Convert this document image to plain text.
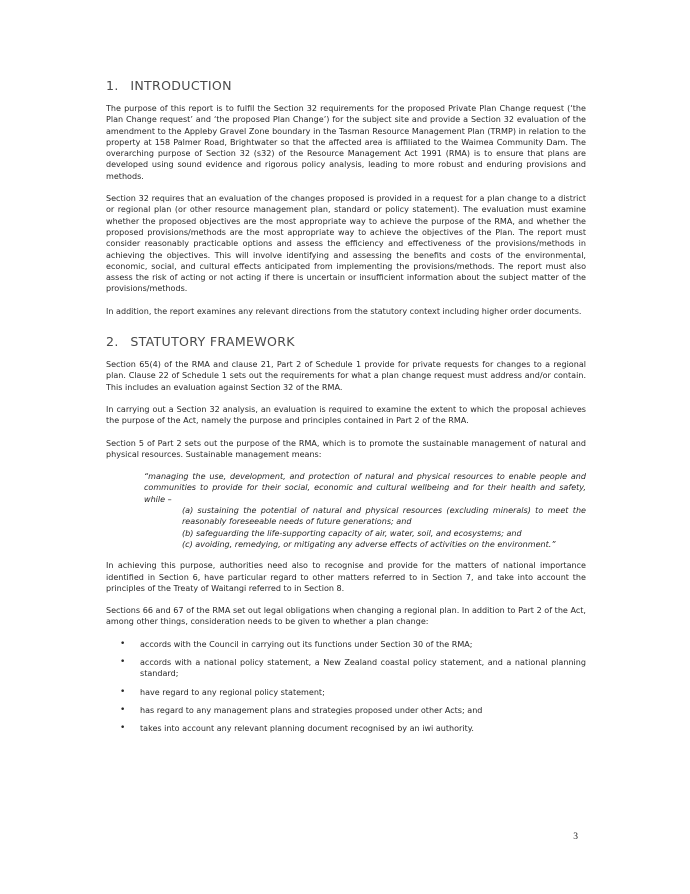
1. INTRODUCTION

The purpose of this report is to fulfil the Section 32 requirements for the proposed Private Plan Change request (‘the Plan Change request’ and ‘the proposed Plan Change’) for the subject site and provide a Section 32 evaluation of the amendment to the Appleby Gravel Zone boundary in the Tasman Resource Management Plan (TRMP) in relation to the property at 158 Palmer Road, Brightwater so that the affected area is affiliated to the Waimea Community Dam. The overarching purpose of Section 32 (s32) of the Resource Management Act 1991 (RMA) is to ensure that plans are developed using sound evidence and rigorous policy analysis, leading to more robust and enduring provisions and methods.

Section 32 requires that an evaluation of the changes proposed is provided in a request for a plan change to a district or regional plan (or other resource management plan, standard or policy statement). The evaluation must examine whether the proposed objectives are the most appropriate way to achieve the purpose of the RMA, and whether the proposed provisions/methods are the most appropriate way to achieve the objectives of the Plan. The report must consider reasonably practicable options and assess the efficiency and effectiveness of the provisions/methods in achieving the objectives. This will involve identifying and assessing the benefits and costs of the environmental, economic, social, and cultural effects anticipated from implementing the provisions/methods. The report must also assess the risk of acting or not acting if there is uncertain or insufficient information about the subject matter of the provisions/methods.

In addition, the report examines any relevant directions from the statutory context including higher order documents.

2. STATUTORY FRAMEWORK

Section 65(4) of the RMA and clause 21, Part 2 of Schedule 1 provide for private requests for changes to a regional plan. Clause 22 of Schedule 1 sets out the requirements for what a plan change request must address and/or contain. This includes an evaluation against Section 32 of the RMA.

In carrying out a Section 32 analysis, an evaluation is required to examine the extent to which the proposal achieves the purpose of the Act, namely the purpose and principles contained in Part 2 of the RMA.

Section 5 of Part 2 sets out the purpose of the RMA, which is to promote the sustainable management of natural and physical resources. Sustainable management means:

“managing the use, development, and protection of natural and physical resources to enable people and communities to provide for their social, economic and cultural wellbeing and for their health and safety, while –
(a) sustaining the potential of natural and physical resources (excluding minerals) to meet the reasonably foreseeable needs of future generations; and
(b) safeguarding the life-supporting capacity of air, water, soil, and ecosystems; and
(c) avoiding, remedying, or mitigating any adverse effects of activities on the environment.”

In achieving this purpose, authorities need also to recognise and provide for the matters of national importance identified in Section 6, have particular regard to other matters referred to in Section 7, and take into account the principles of the Treaty of Waitangi referred to in Section 8.

Sections 66 and 67 of the RMA set out legal obligations when changing a regional plan. In addition to Part 2 of the Act, among other things, consideration needs to be given to whether a plan change:

• accords with the Council in carrying out its functions under Section 30 of the RMA;
• accords with a national policy statement, a New Zealand coastal policy statement, and a national planning standard;
• have regard to any regional policy statement;
• has regard to any management plans and strategies proposed under other Acts; and
• takes into account any relevant planning document recognised by an iwi authority.
3
